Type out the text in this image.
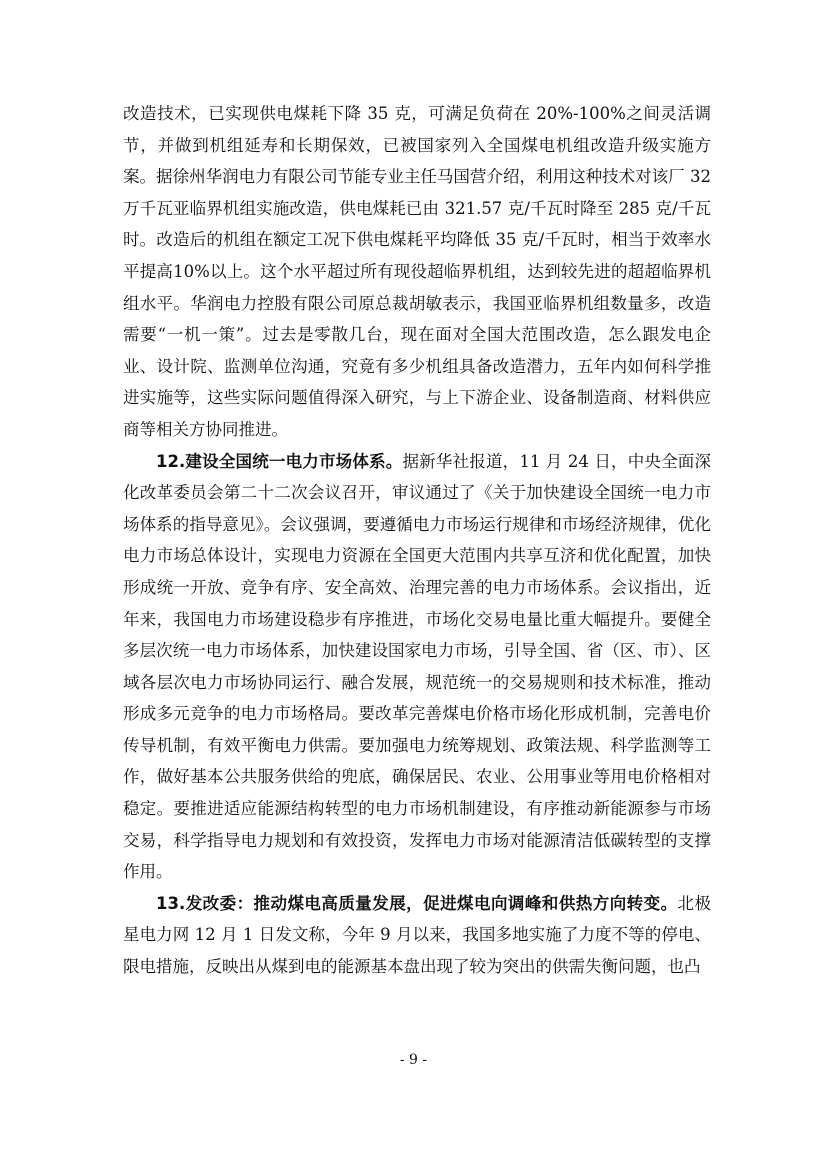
改造技术，已实现供电煤耗下降 35 克，可满足负荷在 20%-100%之间灵活调节，并做到机组延寿和长期保效，已被国家列入全国煤电机组改造升级实施方案。据徐州华润电力有限公司节能专业主任马国营介绍，利用这种技术对该厂 32 万千瓦亚临界机组实施改造，供电煤耗已由 321.57 克/千瓦时降至 285 克/千瓦时。改造后的机组在额定工况下供电煤耗平均降低 35 克/千瓦时，相当于效率水平提高10%以上。这个水平超过所有现役超临界机组，达到较先进的超超临界机组水平。华润电力控股有限公司原总裁胡敏表示，我国亚临界机组数量多，改造需要“一机一策”。过去是零散几台，现在面对全国大范围改造，怎么跟发电企业、设计院、监测单位沟通，究竟有多少机组具备改造潜力，五年内如何科学推进实施等，这些实际问题值得深入研究，与上下游企业、设备制造商、材料供应商等相关方协同推进。

12.建设全国统一电力市场体系。据新华社报道，11 月 24 日，中央全面深化改革委员会第二十二次会议召开，审议通过了《关于加快建设全国统一电力市场体系的指导意见》。会议强调，要遵循电力市场运行规律和市场经济规律，优化电力市场总体设计，实现电力资源在全国更大范围内共享互济和优化配置，加快形成统一开放、竞争有序、安全高效、治理完善的电力市场体系。会议指出，近年来，我国电力市场建设稳步有序推进，市场化交易电量比重大幅提升。要健全多层次统一电力市场体系，加快建设国家电力市场，引导全国、省（区、市）、区域各层次电力市场协同运行、融合发展，规范统一的交易规则和技术标准，推动形成多元竞争的电力市场格局。要改革完善煤电价格市场化形成机制，完善电价传导机制，有效平衡电力供需。要加强电力统筹规划、政策法规、科学监测等工作，做好基本公共服务供给的兜底，确保居民、农业、公用事业等用电价格相对稳定。要推进适应能源结构转型的电力市场机制建设，有序推动新能源参与市场交易，科学指导电力规划和有效投资，发挥电力市场对能源清洁低碳转型的支撑作用。

13.发改委：推动煤电高质量发展，促进煤电向调峰和供热方向转变。北极星电力网 12 月 1 日发文称，今年 9 月以来，我国多地实施了力度不等的停电、限电措施，反映出从煤到电的能源基本盘出现了较为突出的供需失衡问题，也凸

- 9 -
